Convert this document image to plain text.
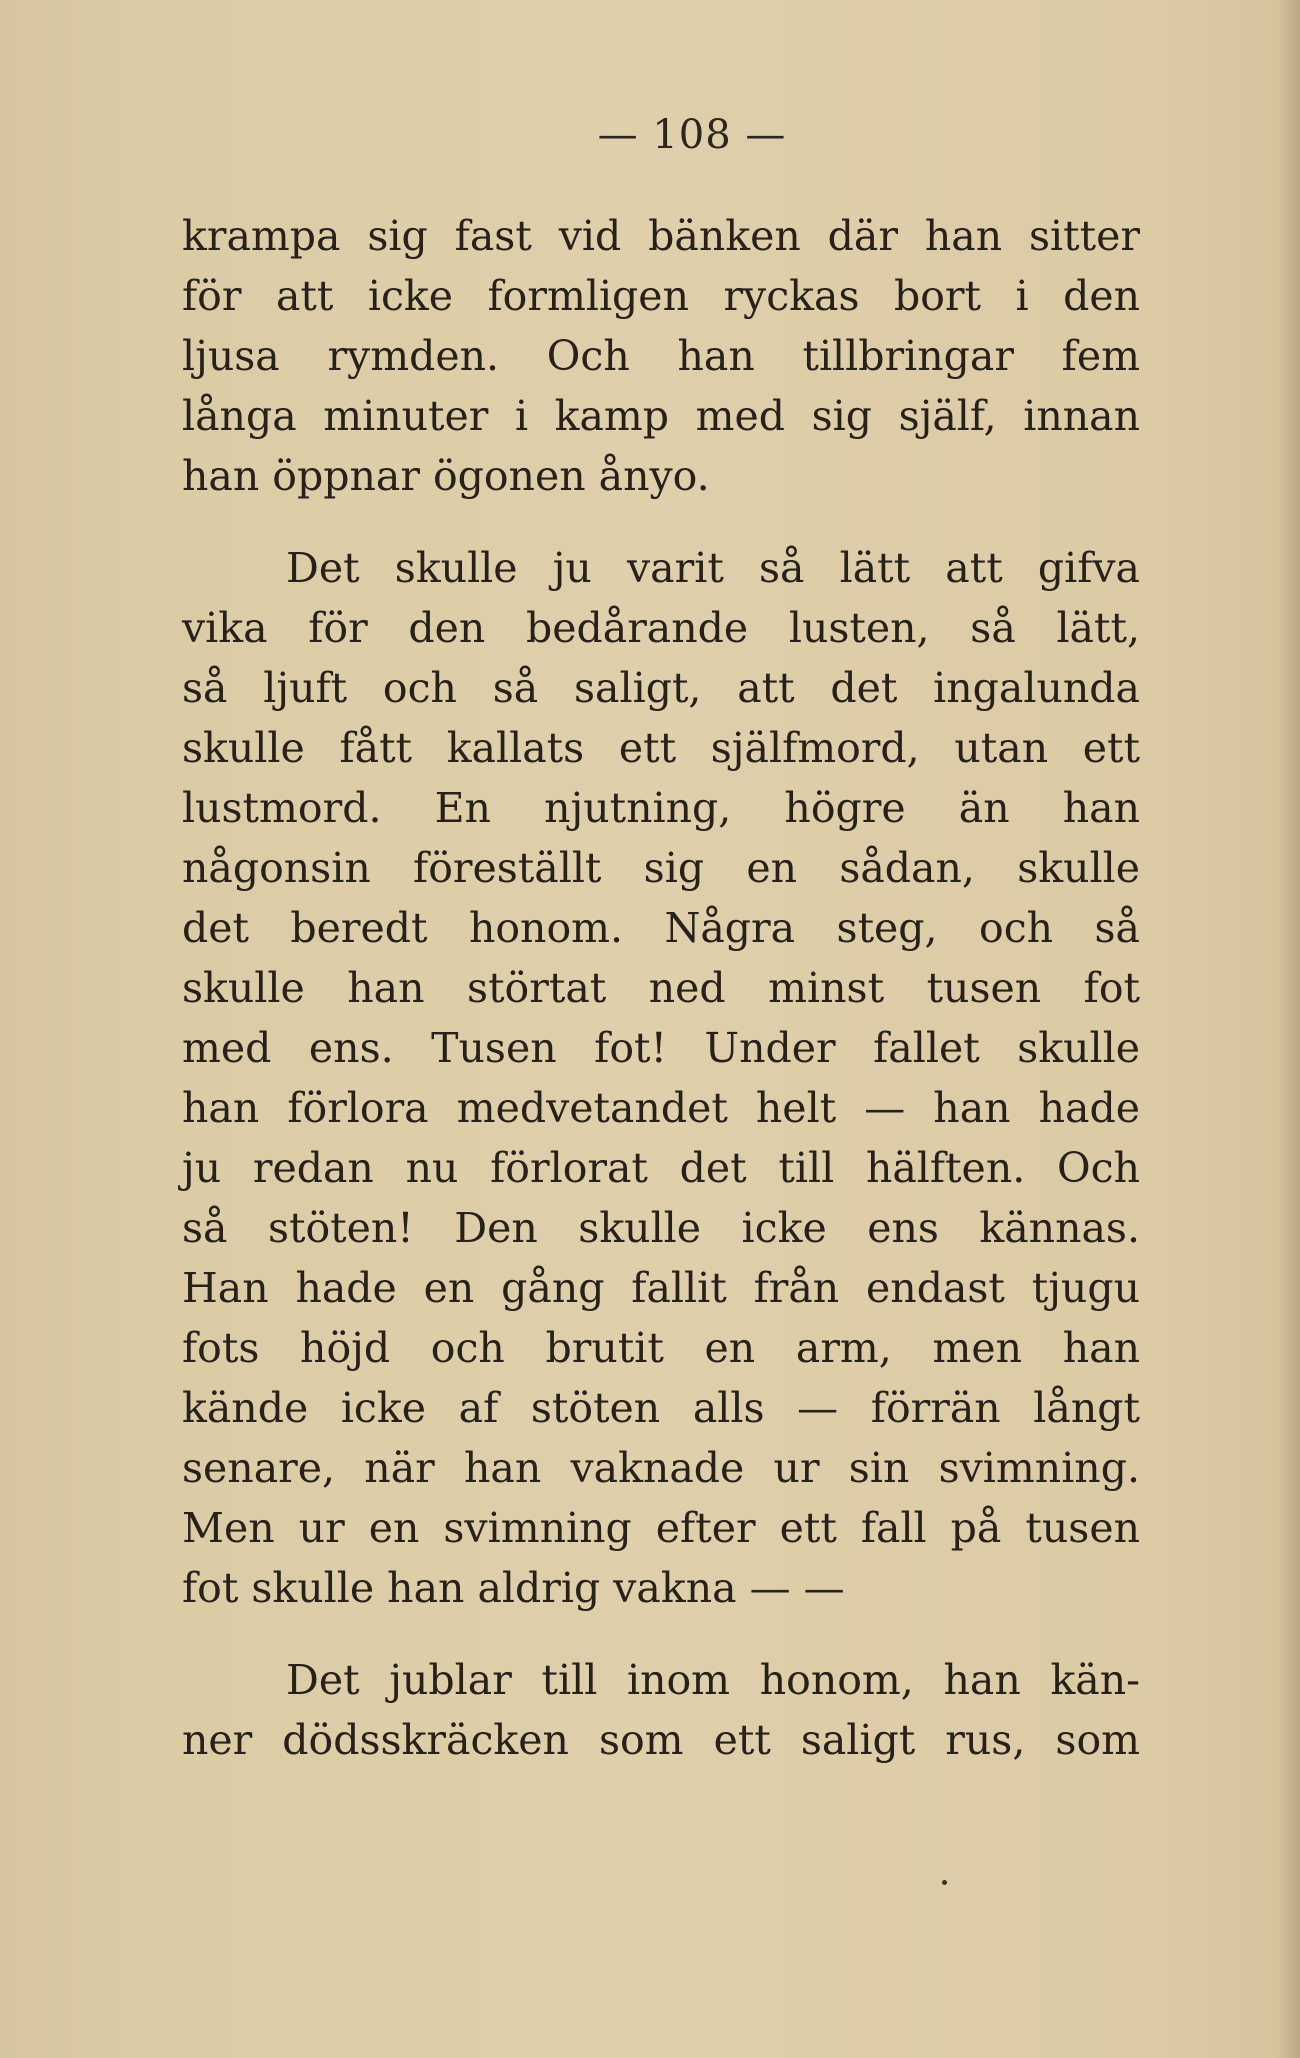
— 108 —
krampa sig fast vid bänken där han sitter
för att icke formligen ryckas bort i den
ljusa rymden. Och han tillbringar fem
långa minuter i kamp med sig själf, innan
han öppnar ögonen ånyo.
Det skulle ju varit så lätt att gifva
vika för den bedårande lusten, så lätt,
så ljuft och så saligt, att det ingalunda
skulle fått kallats ett själfmord, utan ett
lustmord. En njutning, högre än han
någonsin föreställt sig en sådan, skulle
det beredt honom. Några steg, och så
skulle han störtat ned minst tusen fot
med ens. Tusen fot! Under fallet skulle
han förlora medvetandet helt — han hade
ju redan nu förlorat det till hälften. Och
så stöten! Den skulle icke ens kännas.
Han hade en gång fallit från endast tjugu
fots höjd och brutit en arm, men han
kände icke af stöten alls — förrän långt
senare, när han vaknade ur sin svimning.
Men ur en svimning efter ett fall på tusen
fot skulle han aldrig vakna — —
Det jublar till inom honom, han kän-
ner dödsskräcken som ett saligt rus, som
